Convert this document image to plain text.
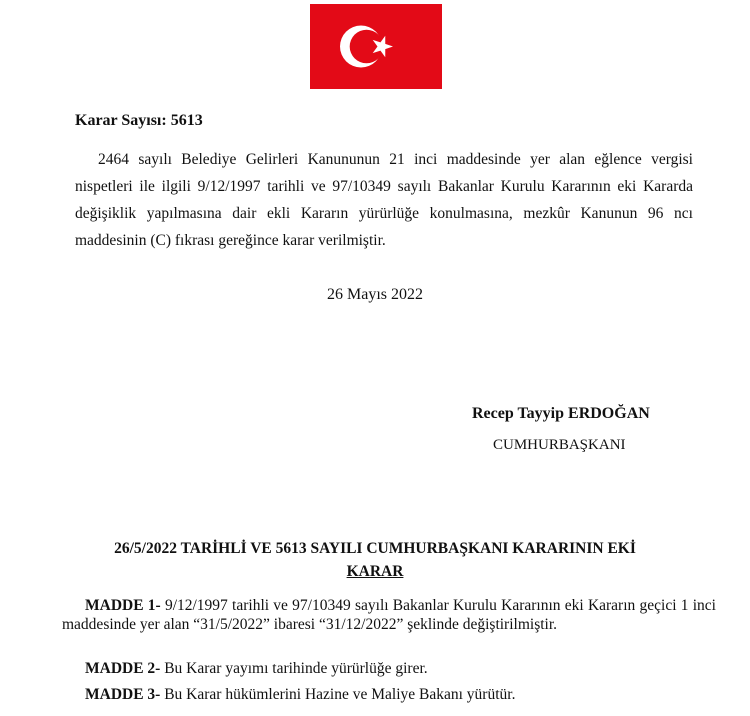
Karar Sayısı: 5613
2464 sayılı Belediye Gelirleri Kanununun 21 inci maddesinde yer alan eğlence vergisi nispetleri ile ilgili 9/12/1997 tarihli ve 97/10349 sayılı Bakanlar Kurulu Kararının eki Kararda değişiklik yapılmasına dair ekli Kararın yürürlüğe konulmasına, mezkûr Kanunun 96 ncı maddesinin (C) fıkrası gereğince karar verilmiştir.
26 Mayıs 2022
Recep Tayyip ERDOĞAN
CUMHURBAŞKANI
26/5/2022 TARİHLİ VE 5613 SAYILI CUMHURBAŞKANI KARARININ EKİ
KARAR
MADDE 1- 9/12/1997 tarihli ve 97/10349 sayılı Bakanlar Kurulu Kararının eki Kararın geçici 1 inci maddesinde yer alan “31/5/2022” ibaresi “31/12/2022” şeklinde değiştirilmiştir.
MADDE 2- Bu Karar yayımı tarihinde yürürlüğe girer.
MADDE 3- Bu Karar hükümlerini Hazine ve Maliye Bakanı yürütür.
